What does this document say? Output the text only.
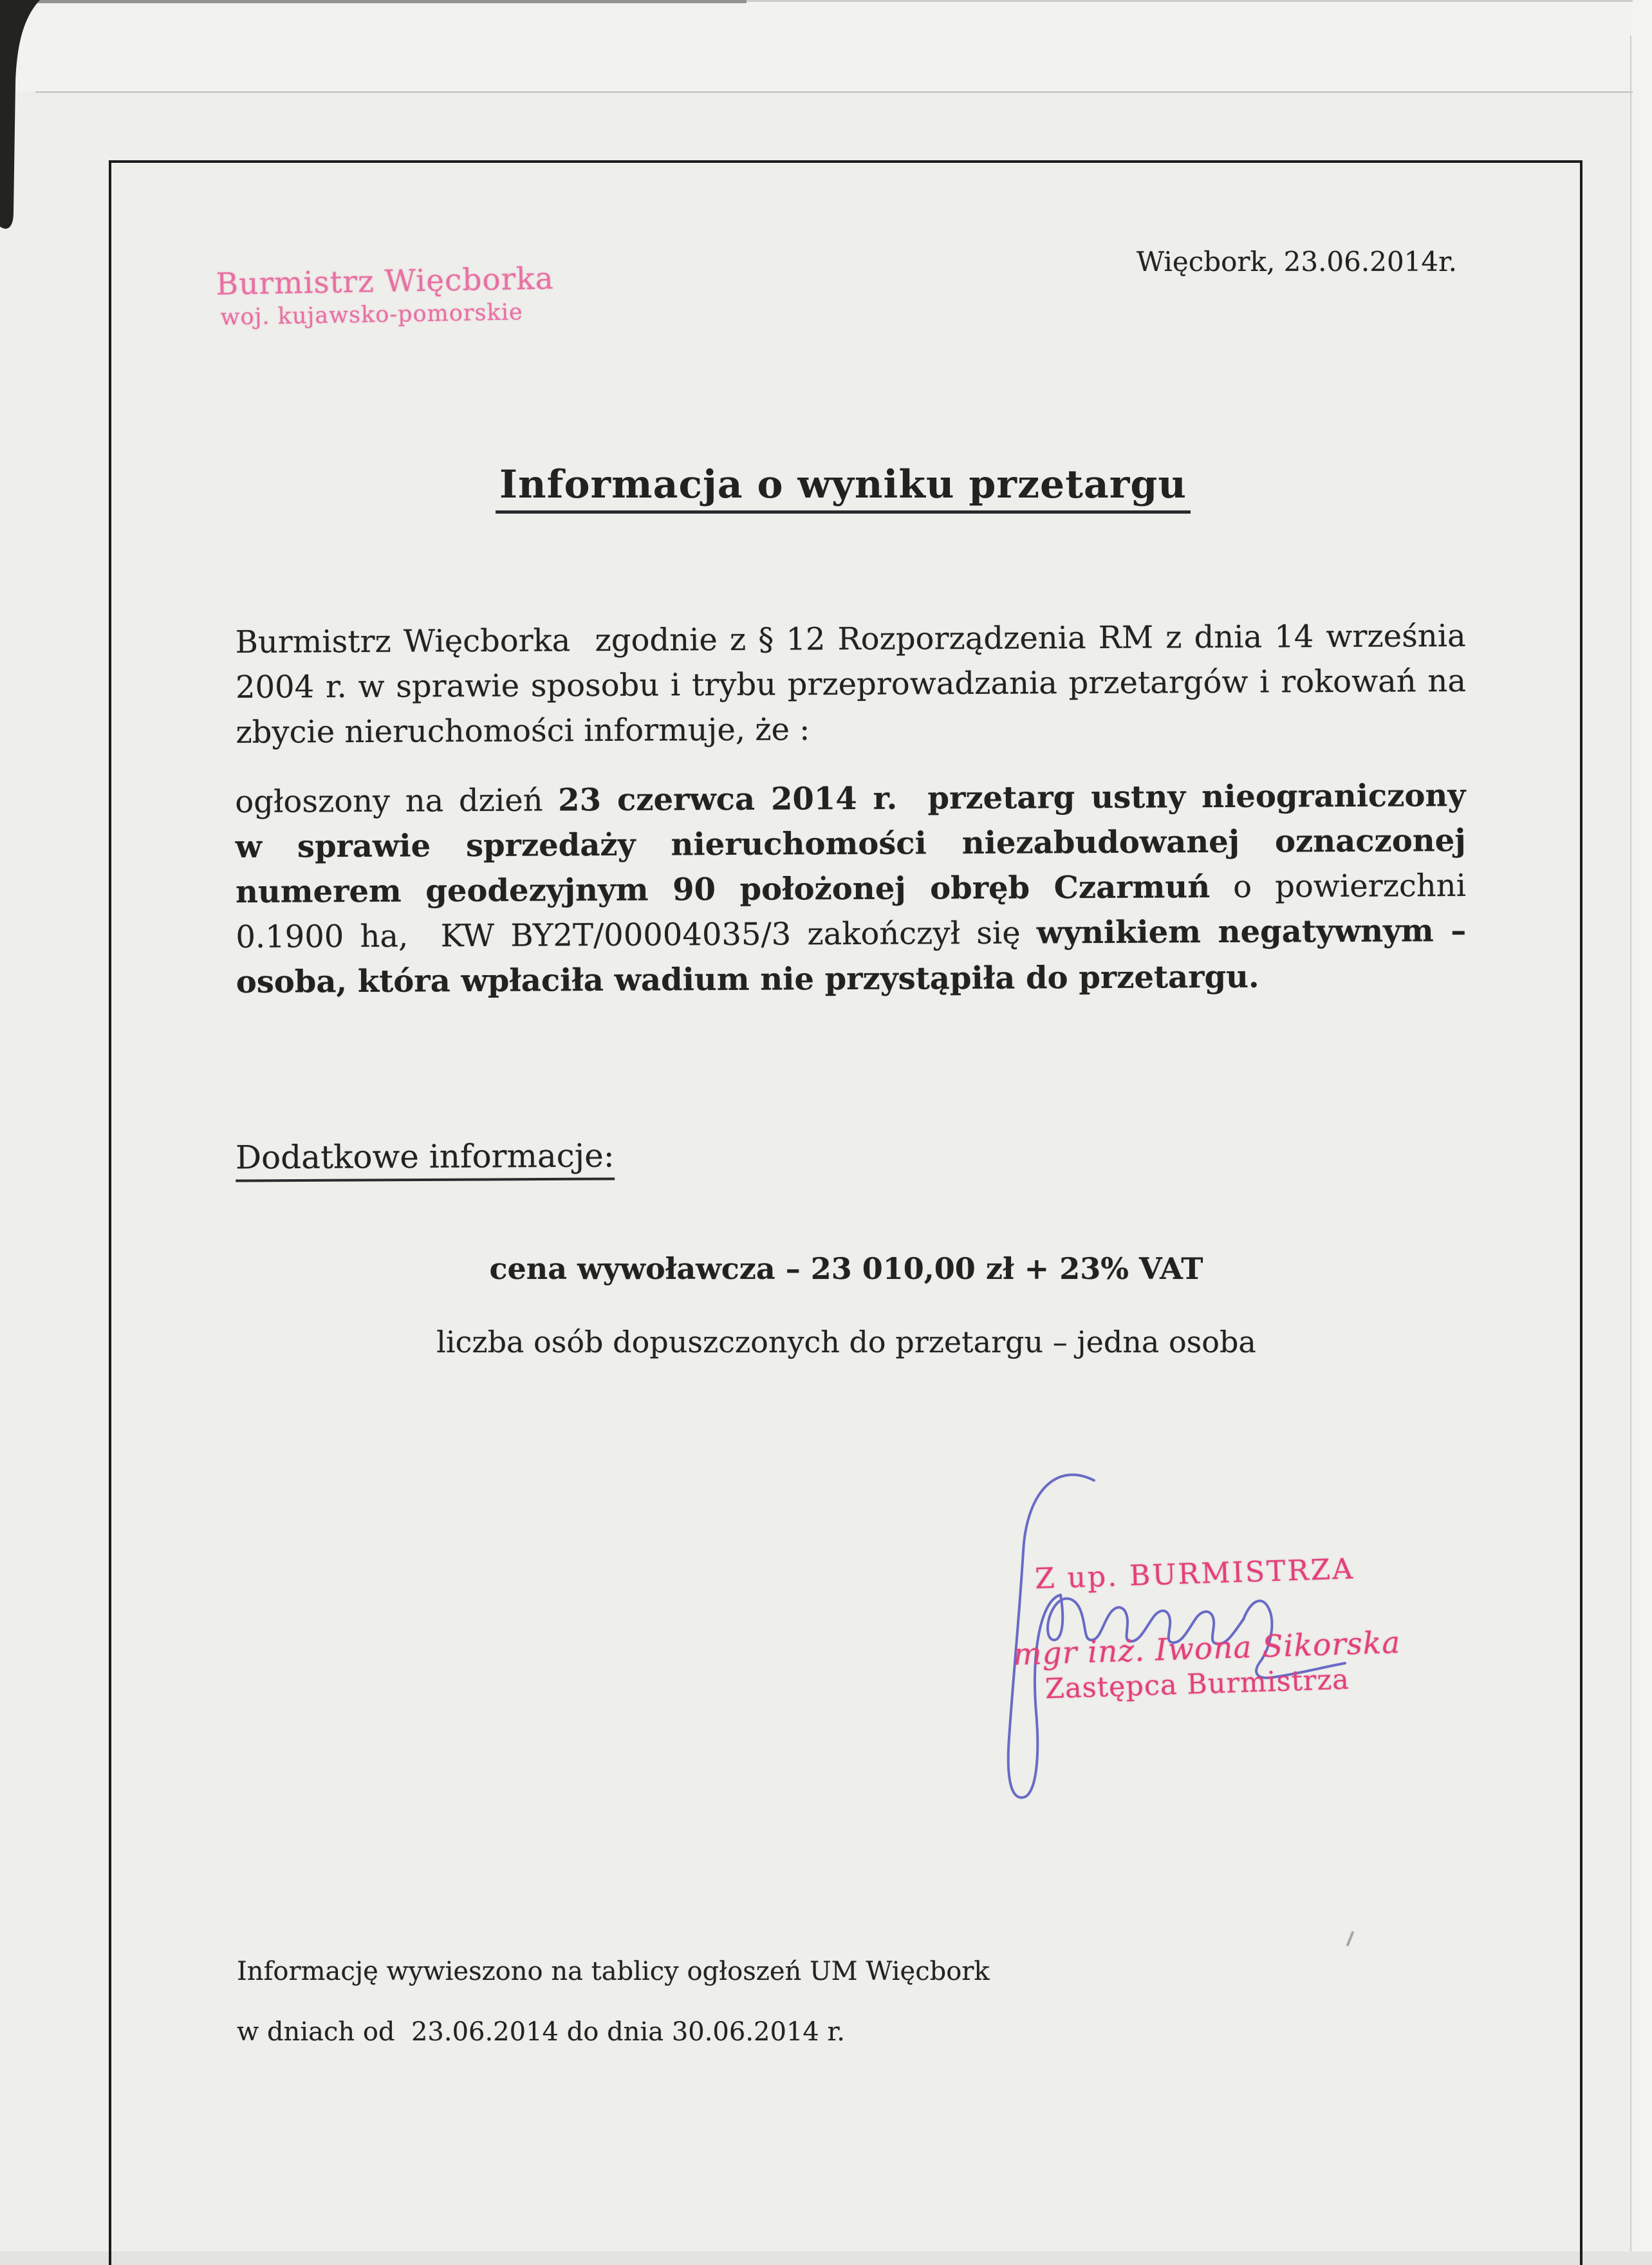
Burmistrz Więcborka
woj. kujawsko-pomorskie
Więcbork, 23.06.2014r.
Informacja o wyniku przetargu
Burmistrz Więcborka  zgodnie z § 12 Rozporządzenia RM z dnia 14 września
2004 r. w sprawie sposobu i trybu przeprowadzania przetargów i rokowań na
zbycie nieruchomości informuje, że :
ogłoszony na dzień 23 czerwca 2014 r. przetarg ustny nieograniczony
w sprawie sprzedaży nieruchomości niezabudowanej oznaczonej
numerem geodezyjnym 90 położonej obręb Czarmuń o powierzchni
0.1900 ha,  KW BY2T/00004035/3 zakończył się wynikiem negatywnym –
osoba, która wpłaciła wadium nie przystąpiła do przetargu.
Dodatkowe informacje:
cena wywoławcza – 23 010,00 zł + 23% VAT
liczba osób dopuszczonych do przetargu – jedna osoba
Z up. BURMISTRZA
mgr inż. Iwona Sikorska
Zastępca Burmistrza
Informację wywieszono na tablicy ogłoszeń UM Więcbork
w dniach od  23.06.2014 do dnia 30.06.2014 r.
